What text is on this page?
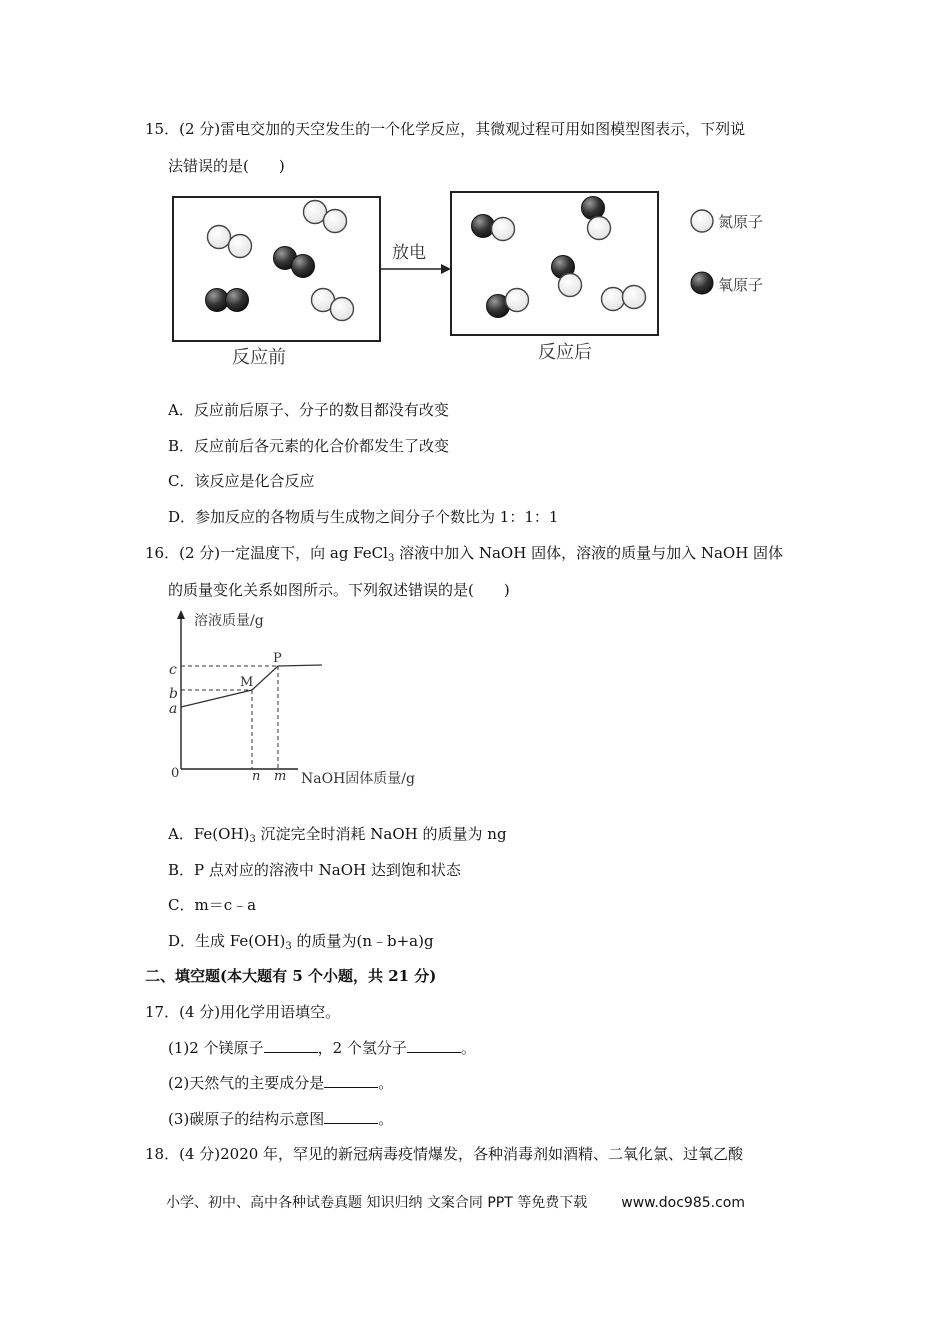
15．(2 分)雷电交加的天空发生的一个化学反应，其微观过程可用如图模型图表示，下列说
法错误的是(　　)
放电
反应前	反应后
氮原子
氧原子
A．反应前后原子、分子的数目都没有改变
B．反应前后各元素的化合价都发生了改变
C．该反应是化合反应
D．参加反应的各物质与生成物之间分子个数比为 1：1：1
16．(2 分)一定温度下，向 ag FeCl$_3$ 溶液中加入 NaOH 固体，溶液的质量与加入 NaOH 固体
的质量变化关系如图所示。下列叙述错误的是(　　)
溶液质量/g
NaOH固体质量/g
0
c
b
a
M
P
n m
A．$Fe(OH)_3$ 沉淀完全时消耗 NaOH 的质量为 ng
B．P 点对应的溶液中 NaOH 达到饱和状态
C．m＝c﹣a
D．生成 $Fe(OH)_3$ 的质量为(n﹣b+a)g
二、填空题(本大题有 5 个小题，共 21 分)
17．(4 分)用化学用语填空。
(1)2 个镁原子	，2 个氢分子	。
(2)天然气的主要成分是	。
(3)碳原子的结构示意图	。
18．(4 分)2020 年，罕见的新冠病毒疫情爆发，各种消毒剂如酒精、二氧化氯、过氧乙酸
小学、初中、高中各种试卷真题 知识归纳 文案合同 PPT 等免费下载 www.doc985.com
